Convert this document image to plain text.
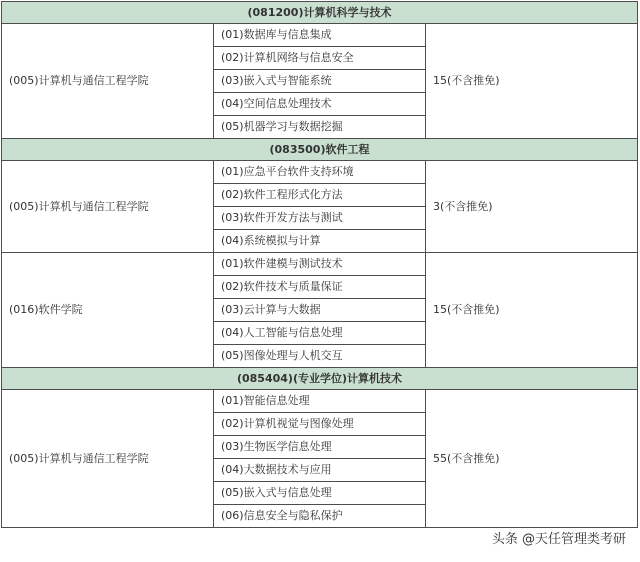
(081200)计算机科学与技术		
(005)计算机与通信工程学院	(01)数据库与信息集成	15(不含推免)
	(02)计算机网络与信息安全	
	(03)嵌入式与智能系统	
	(04)空间信息处理技术	
	(05)机器学习与数据挖掘	
(083500)软件工程		
(005)计算机与通信工程学院	(01)应急平台软件支持环境	3(不含推免)
	(02)软件工程形式化方法	
	(03)软件开发方法与测试	
	(04)系统模拟与计算	
(016)软件学院	(01)软件建模与测试技术	15(不含推免)
	(02)软件技术与质量保证	
	(03)云计算与大数据	
	(04)人工智能与信息处理	
	(05)图像处理与人机交互	
(085404)(专业学位)计算机技术		
(005)计算机与通信工程学院	(01)智能信息处理	55(不含推免)
	(02)计算机视觉与图像处理	
	(03)生物医学信息处理	
	(04)大数据技术与应用	
	(05)嵌入式与信息处理	
	(06)信息安全与隐私保护	
头条 @天任管理类考研
